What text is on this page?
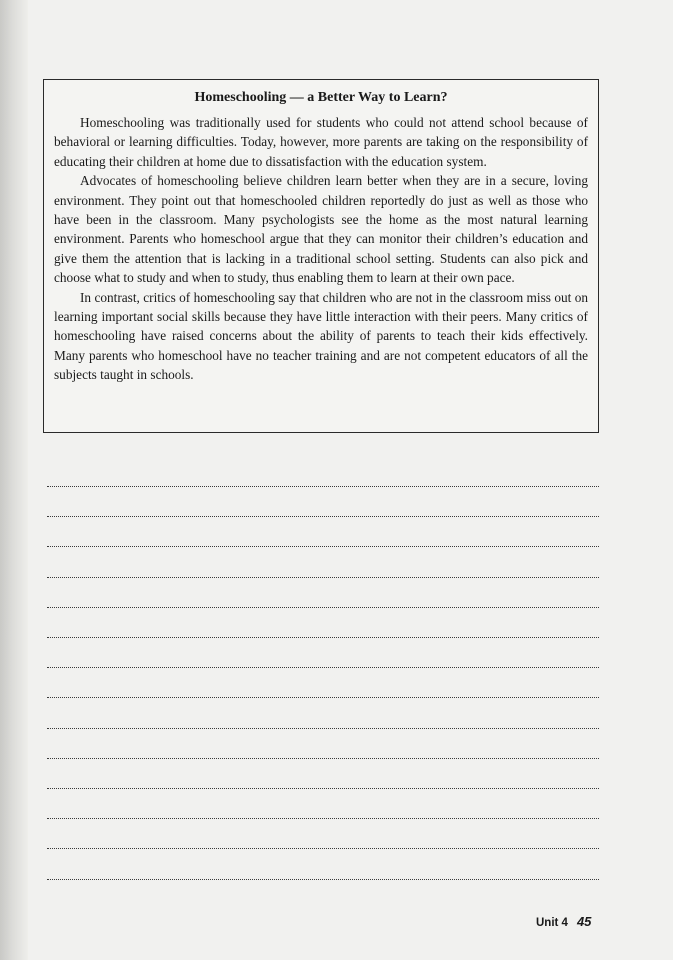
Homeschooling — a Better Way to Learn?

Homeschooling was traditionally used for students who could not attend school because of behavioral or learning difficulties. Today, however, more parents are taking on the responsibility of educating their children at home due to dissatisfaction with the education system.

Advocates of homeschooling believe children learn better when they are in a secure, loving environment. They point out that homeschooled children reportedly do just as well as those who have been in the classroom. Many psychologists see the home as the most natural learning environment. Parents who homeschool argue that they can monitor their children’s education and give them the attention that is lacking in a traditional school setting. Students can also pick and choose what to study and when to study, thus enabling them to learn at their own pace.

In contrast, critics of homeschooling say that children who are not in the classroom miss out on learning important social skills because they have little interaction with their peers. Many critics of homeschooling have raised concerns about the ability of parents to teach their kids effectively. Many parents who homeschool have no teacher training and are not competent educators of all the subjects taught in schools.

Unit 4 45
